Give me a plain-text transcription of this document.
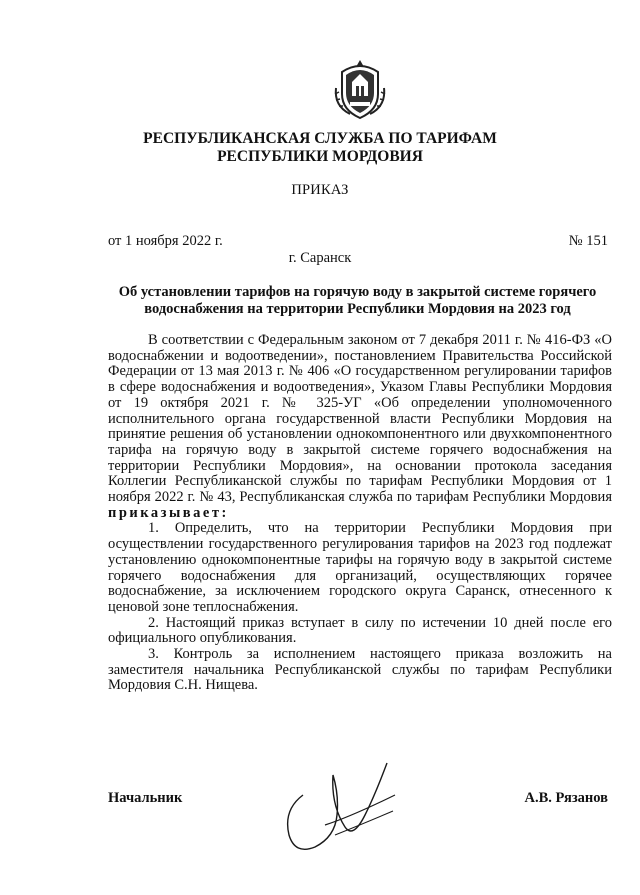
РЕСПУБЛИКАНСКАЯ СЛУЖБА ПО ТАРИФАМ
РЕСПУБЛИКИ МОРДОВИЯ
ПРИКАЗ
от 1 ноября 2022 г.	№ 151
г. Саранск
Об установлении тарифов на горячую воду в закрытой системе горячего
водоснабжения на территории Республики Мордовия на 2023 год

В соответствии с Федеральным законом от 7 декабря 2011 г. № 416-ФЗ «О водоснабжении и водоотведении», постановлением Правительства Российской Федерации от 13 мая 2013 г. № 406 «О государственном регулировании тарифов в сфере водоснабжения и водоотведения», Указом Главы Республики Мордовия от 19 октября 2021 г. № 325-УГ «Об определении уполномоченного исполнительного органа государственной власти Республики Мордовия на принятие решения об установлении однокомпонентного или двухкомпонентного тарифа на горячую воду в закрытой системе горячего водоснабжения на территории Республики Мордовия», на основании протокола заседания Коллегии Республиканской службы по тарифам Республики Мордовия от 1 ноября 2022 г. № 43, Республиканская служба по тарифам Республики Мордовия приказывает:

1. Определить, что на территории Республики Мордовия при осуществлении государственного регулирования тарифов на 2023 год подлежат установлению однокомпонентные тарифы на горячую воду в закрытой системе горячего водоснабжения для организаций, осуществляющих горячее водоснабжение, за исключением городского округа Саранск, отнесенного к ценовой зоне теплоснабжения.

2. Настоящий приказ вступает в силу по истечении 10 дней после его официального опубликования.

3. Контроль за исполнением настоящего приказа возложить на заместителя начальника Республиканской службы по тарифам Республики Мордовия С.Н. Нищева.

Начальник	А.В. Рязанов
